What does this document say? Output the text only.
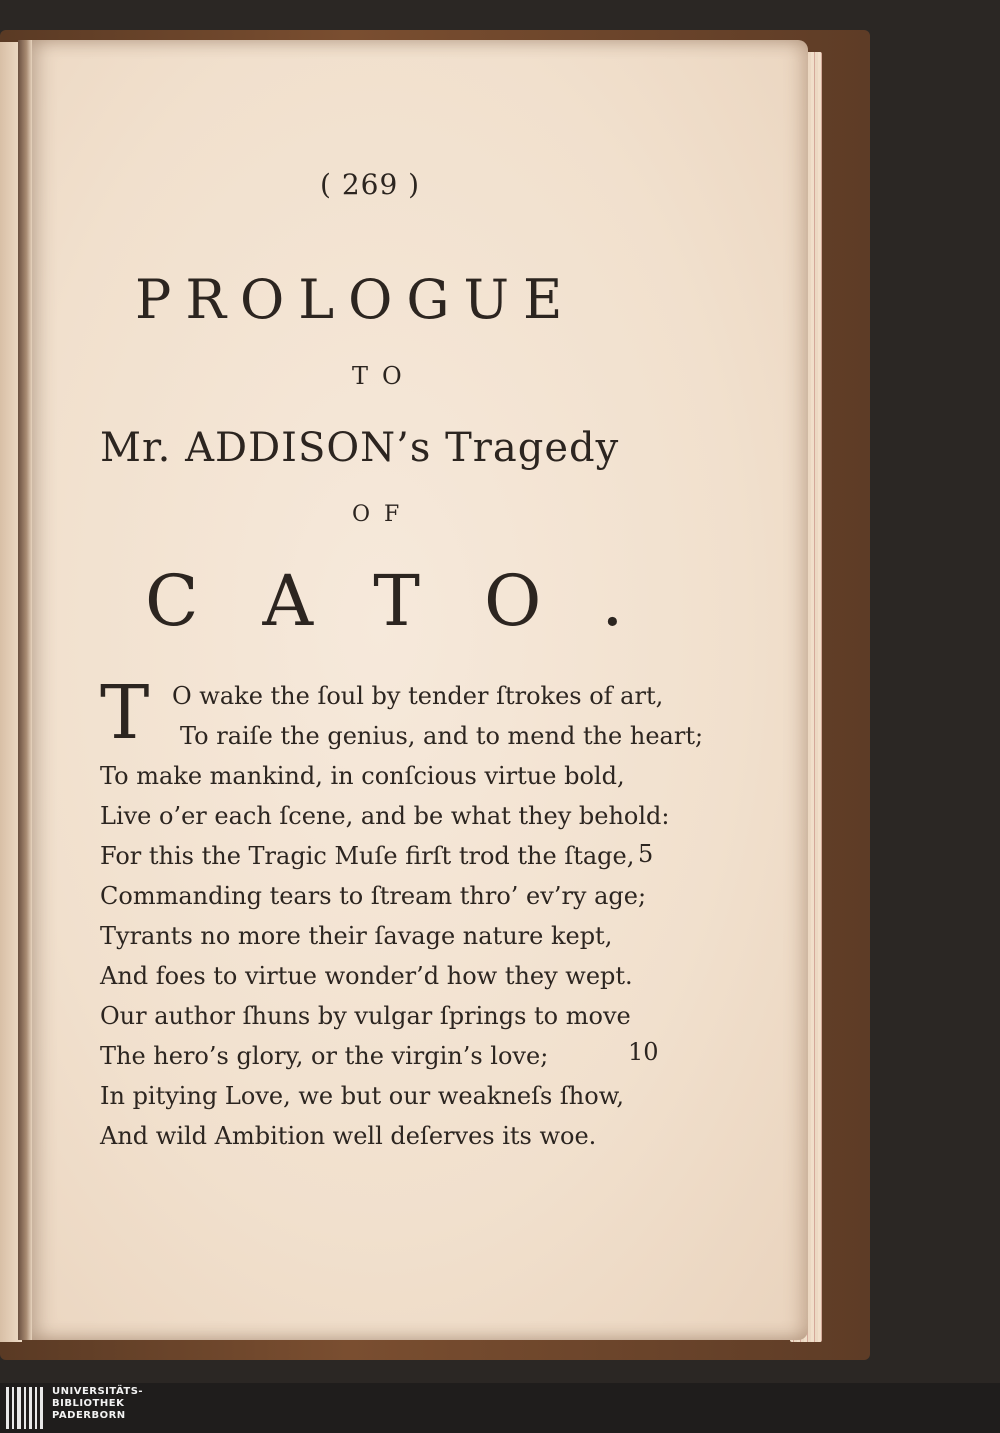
( 269 )
PROLOGUE
TO
Mr. ADDISON’s Tragedy
OF
CATO.
T O wake the ſoul by tender ſtrokes of art,
To raiſe the genius, and to mend the heart;
To make mankind, in conſcious virtue bold,
Live o’er each ſcene, and be what they behold:
For this the Tragic Muſe firſt trod the ſtage, 5
Commanding tears to ſtream thro’ ev’ry age;
Tyrants no more their ſavage nature kept,
And foes to virtue wonder’d how they wept.
Our author ſhuns by vulgar ſprings to move
The hero’s glory, or the virgin’s love;	10
In pitying Love, we but our weakneſs ſhow,
And wild Ambition well deſerves its woe.
UNIVERSITÄTS-
BIBLIOTHEK
PADERBORN
